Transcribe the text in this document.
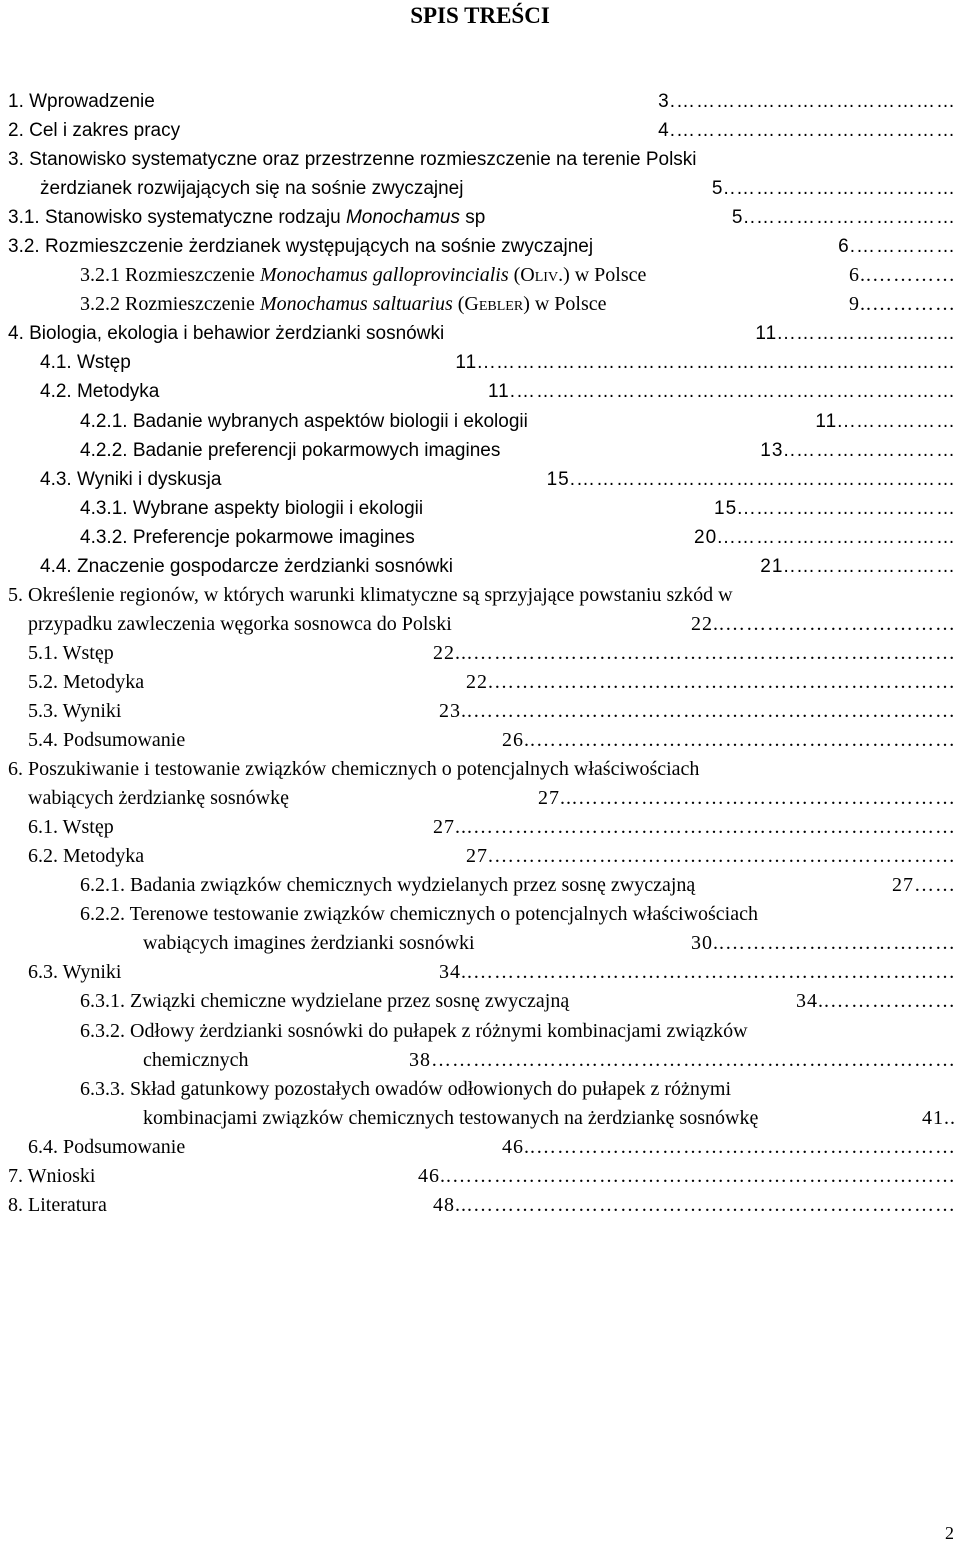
SPIS TREŚCI
1. Wprowadzenie	…………………………………….3
2. Cel i zakres pracy	…………………………………….4
3. Stanowisko systematyczne oraz przestrzenne rozmieszczenie na terenie Polski
żerdzianek rozwijających się na sośnie zwyczajnej	……………………………..5
3.1. Stanowisko systematyczne rodzaju Monochamus sp	…………………………..5
3.2. Rozmieszczenie żerdzianek występujących na sośnie zwyczajnej	…………….6
3.2.1 Rozmieszczenie Monochamus galloprovincialis (OLIV.) w Polsce	…………..6
3.2.2 Rozmieszczenie Monochamus saltuarius (GEBLER) w Polsce	…………..9
4. Biologia, ekologia i behawior żerdzianki sosnówki	……………………...11
4.1. Wstęp	……………………………………………………………...11
4.2. Metodyka	………………………………………………………….11
4.2.1. Badanie wybranych aspektów biologii i ekologii	……………...11
4.2.2. Badanie preferencji pokarmowych imagines	……………………..13
4.3. Wyniki i dyskusja	………………………………………………….15
4.3.1. Wybrane aspekty biologii i ekologii	…………………………...15
4.3.2. Preferencje pokarmowe imagines	……………………………...20
4.4. Znaczenie gospodarcze żerdzianki sosnówki	……………………..21
5. Określenie regionów, w których warunki klimatyczne są sprzyjające powstaniu szkód w
przypadku zawleczenia węgorka sosnowca do Polski	……………………………..22
5.1. Wstęp	……………………………………………………………...22
5.2. Metodyka	………………………………………………………….22
5.3. Wyniki	……………………………………………………………..23
5.4. Podsumowanie	……………………………………………………..26
6. Poszukiwanie i testowanie związków chemicznych o potencjalnych właściwościach
wabiących żerdziankę sosnówkę	………………………………………………...27
6.1. Wstęp	……………………………………………………………...27
6.2. Metodyka	………………………………………………………….27
6.2.1. Badania związków chemicznych wydzielanych przez sosnę zwyczajną	……27
6.2.2. Terenowe testowanie związków chemicznych o potencjalnych właściwościach
wabiących imagines żerdzianki sosnówki	……………………………..30
6.3. Wyniki	……………………………………………………………..34
6.3.1. Związki chemiczne wydzielane przez sosnę zwyczajną	………………..34
6.3.2. Odłowy żerdzianki sosnówki do pułapek z różnymi kombinacjami związków
chemicznych	…………………………………………………………………38
6.3.3. Skład gatunkowy pozostałych owadów odłowionych do pułapek z różnymi
kombinacjami związków chemicznych testowanych na żerdziankę sosnówkę	..41
6.4. Podsumowanie	……………………………………………………..46
7. Wnioski	………………………………………………………………..46
8. Literatura	……………………………………………………………...48
2
